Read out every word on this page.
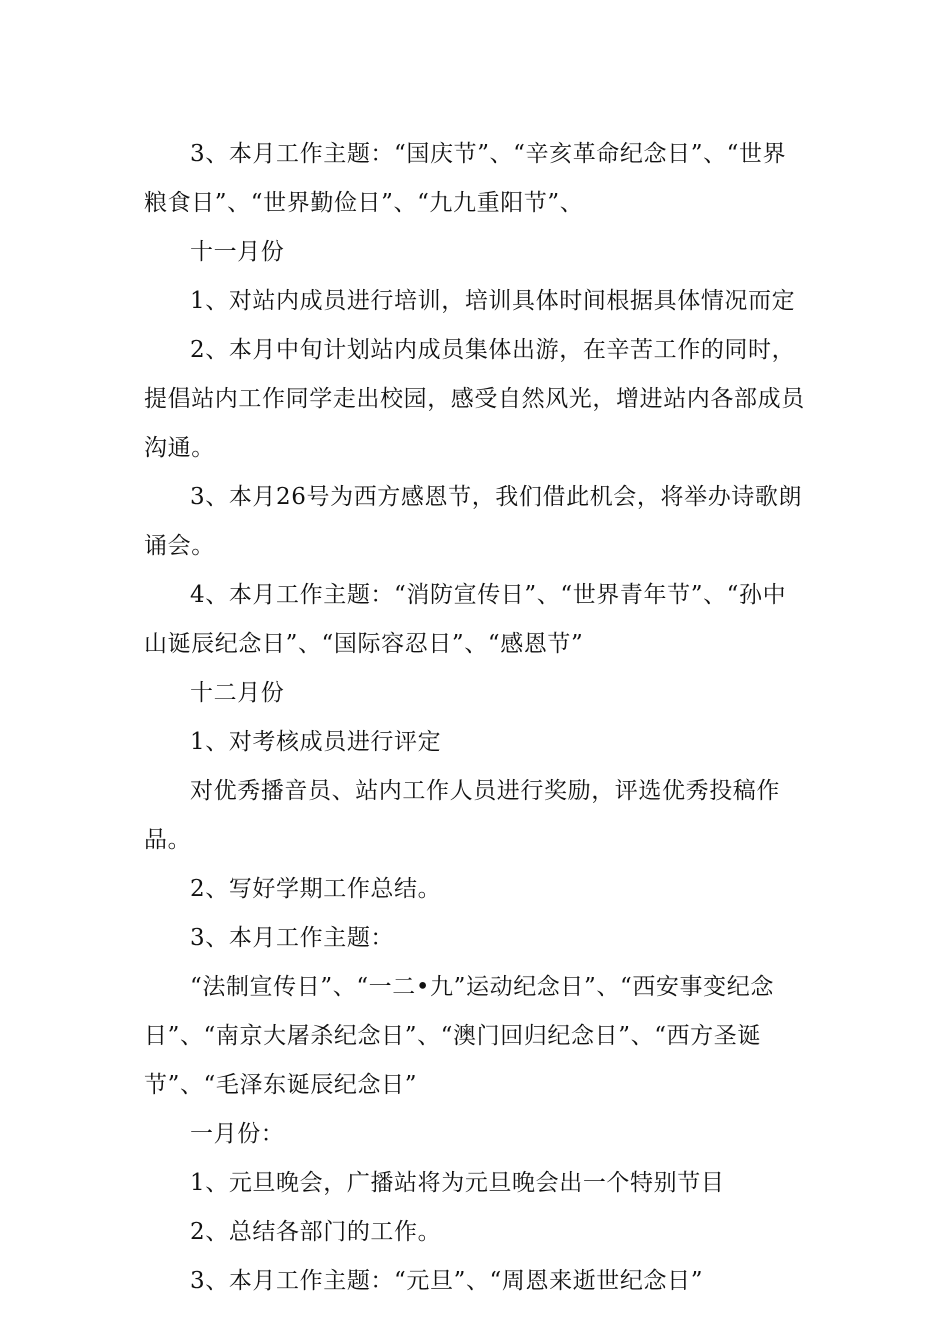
3、本月工作主题：“国庆节”、“辛亥革命纪念日”、“世界粮食日”、“世界勤俭日”、“九九重阳节”、

十一月份

1、对站内成员进行培训，培训具体时间根据具体情况而定

2、本月中旬计划站内成员集体出游，在辛苦工作的同时，提倡站内工作同学走出校园，感受自然风光，增进站内各部成员沟通。

3、本月26号为西方感恩节，我们借此机会，将举办诗歌朗诵会。

4、本月工作主题：“消防宣传日”、“世界青年节”、“孙中山诞辰纪念日”、“国际容忍日”、“感恩节”

十二月份

1、对考核成员进行评定

对优秀播音员、站内工作人员进行奖励，评选优秀投稿作品。

2、写好学期工作总结。

3、本月工作主题：

“法制宣传日”、“一二•九”运动纪念日”、“西安事变纪念日”、“南京大屠杀纪念日”、“澳门回归纪念日”、“西方圣诞节”、“毛泽东诞辰纪念日”

一月份：

1、元旦晚会，广播站将为元旦晚会出一个特别节目

2、总结各部门的工作。

3、本月工作主题：“元旦”、“周恩来逝世纪念日”
